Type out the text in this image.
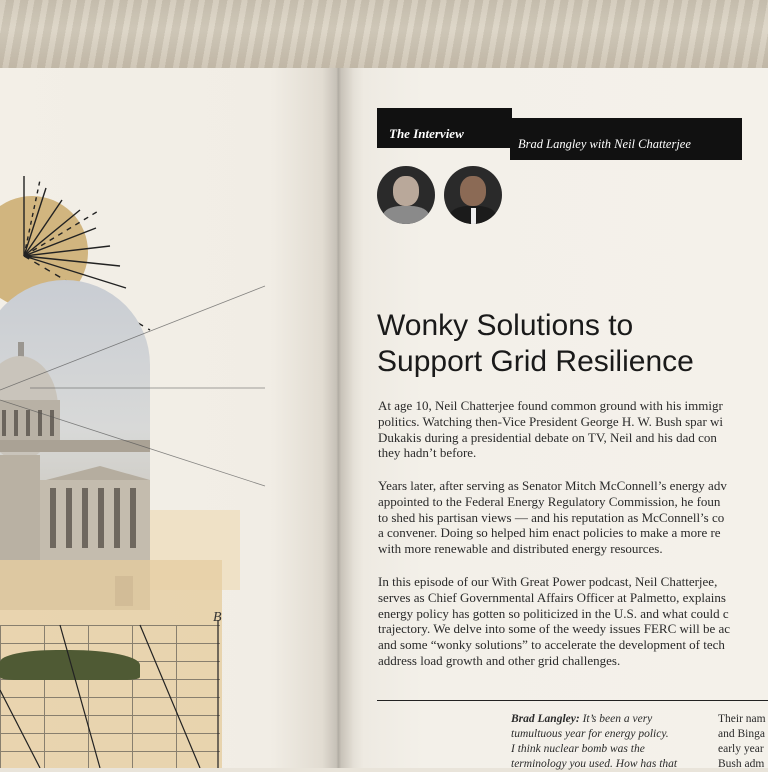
B
The Interview
Brad Langley with Neil Chatterjee
Wonky Solutions to
Support Grid Resilience
At age 10, Neil Chatterjee found common ground with his immigr
politics. Watching then-Vice President George H. W. Bush spar wi
Dukakis during a presidential debate on TV, Neil and his dad con
they hadn’t before.
Years later, after serving as Senator Mitch McConnell’s energy adv
appointed to the Federal Energy Regulatory Commission, he foun
to shed his partisan views — and his reputation as McConnell’s co
a convener. Doing so helped him enact policies to make a more re
with more renewable and distributed energy resources.
In this episode of our With Great Power podcast, Neil Chatterjee,
serves as Chief Governmental Affairs Officer at Palmetto, explains
energy policy has gotten so politicized in the U.S. and what could c
trajectory. We delve into some of the weedy issues FERC will be ac
and some “wonky solutions” to accelerate the development of tech
address load growth and other grid challenges.
Brad Langley: It’s been a very
tumultuous year for energy policy.
I think nuclear bomb was the
terminology you used. How has that
Their nam
and Binga
early year
Bush adm
